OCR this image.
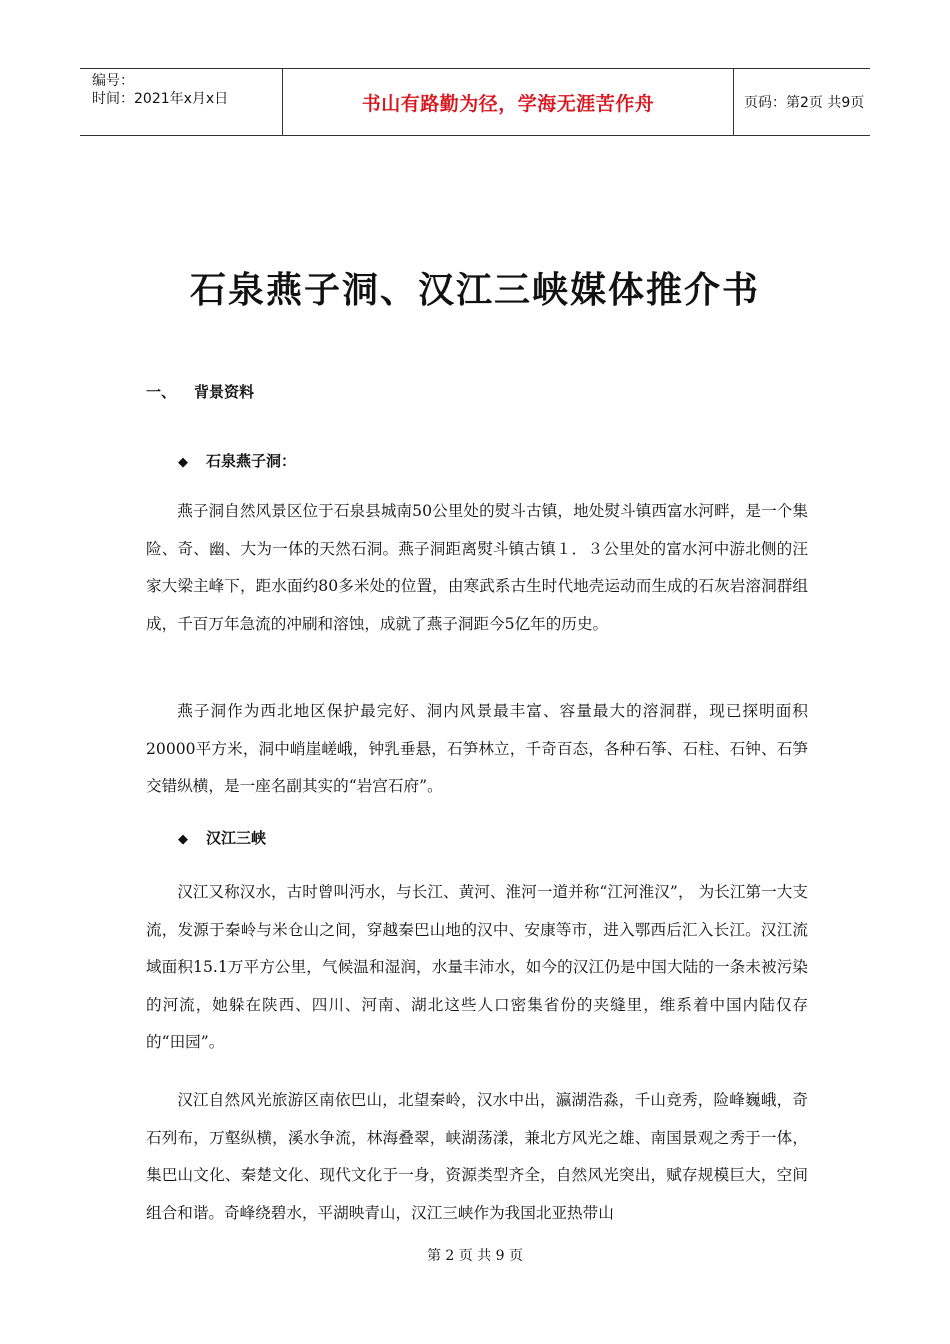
编号：
时间：2021年x月x日	书山有路勤为径，学海无涯苦作舟	页码：第2页 共9页
石泉燕子洞、汉江三峡媒体推介书
一、 背景资料
◆ 石泉燕子洞：
燕子洞自然风景区位于石泉县城南50公里处的熨斗古镇，地处熨斗镇西富水河畔，是一个集险、奇、幽、大为一体的天然石洞。燕子洞距离熨斗镇古镇１．３公里处的富水河中游北侧的汪家大梁主峰下，距水面约80多米处的位置，由寒武系古生时代地壳运动而生成的石灰岩溶洞群组成，千百万年急流的冲刷和溶蚀，成就了燕子洞距今5亿年的历史。
燕子洞作为西北地区保护最完好、洞内风景最丰富、容量最大的溶洞群，现已探明面积20000平方米，洞中峭崖嵯峨，钟乳垂悬，石笋林立，千奇百态，各种石筝、石柱、石钟、石笋交错纵横，是一座名副其实的“岩宫石府”。
◆ 汉江三峡
汉江又称汉水，古时曾叫沔水，与长江、黄河、淮河一道并称“江河淮汉”， 为长江第一大支流，发源于秦岭与米仓山之间，穿越秦巴山地的汉中、安康等市，进入鄂西后汇入长江。汉江流域面积15.1万平方公里，气候温和湿润，水量丰沛水，如今的汉江仍是中国大陆的一条未被污染的河流，她躲在陕西、四川、河南、湖北这些人口密集省份的夹缝里，维系着中国内陆仅存的“田园”。
汉江自然风光旅游区南依巴山，北望秦岭，汉水中出，瀛湖浩淼，千山竞秀，险峰巍峨，奇石列布，万壑纵横，溪水争流，林海叠翠，峡湖荡漾，兼北方风光之雄、南国景观之秀于一体，集巴山文化、秦楚文化、现代文化于一身，资源类型齐全，自然风光突出，赋存规模巨大，空间组合和谐。奇峰绕碧水，平湖映青山，汉江三峡作为我国北亚热带山
第 2 页 共 9 页
